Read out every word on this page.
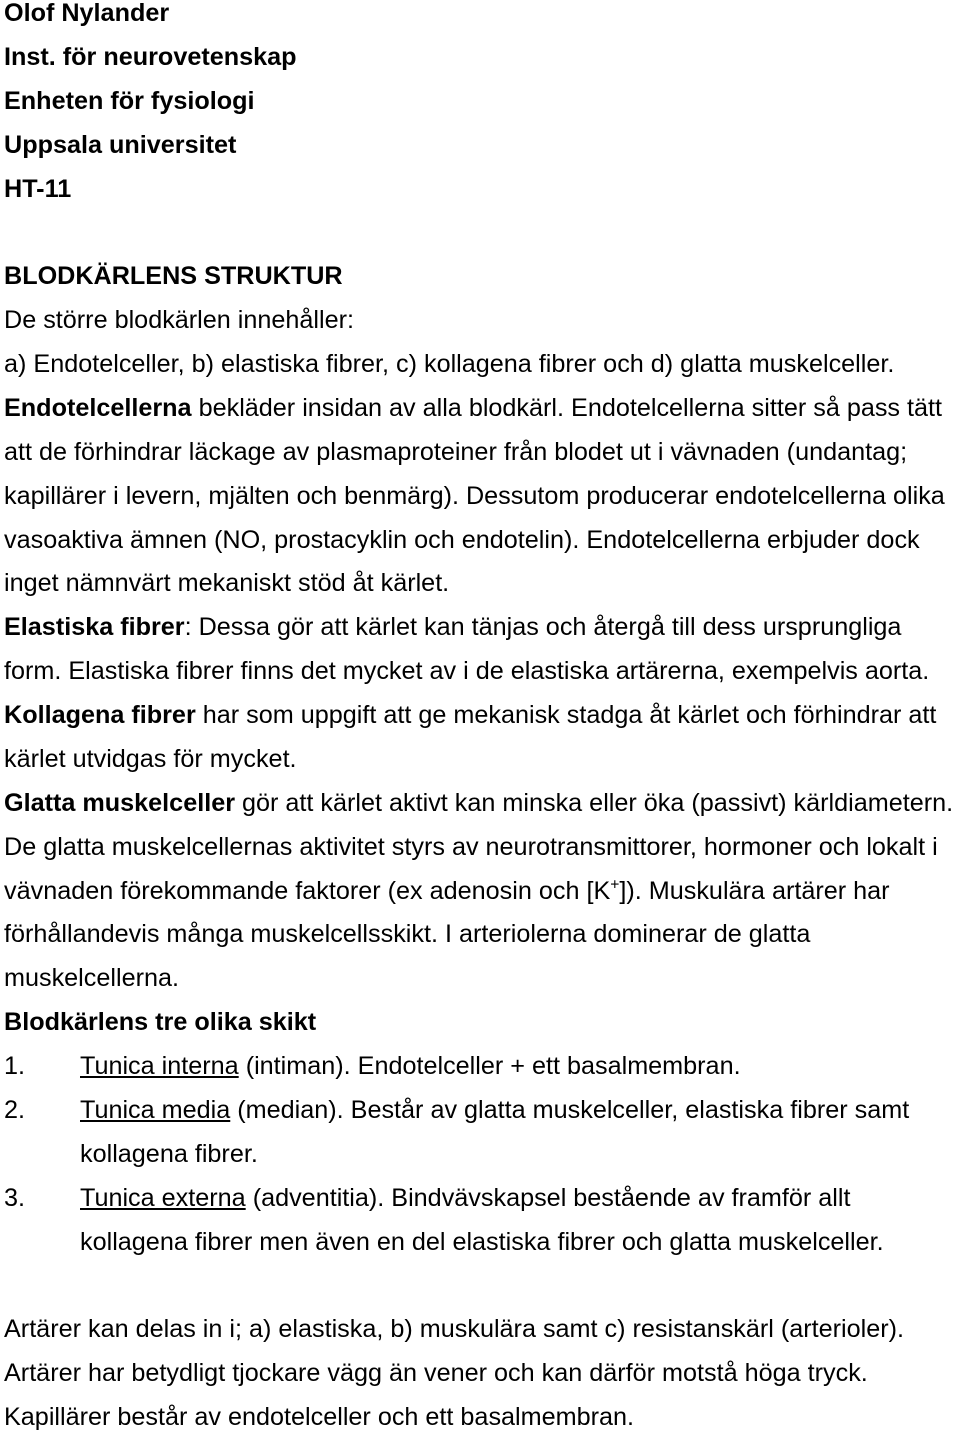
Olof Nylander
Inst. för neurovetenskap
Enheten för fysiologi
Uppsala universitet
HT-11
BLODKÄRLENS STRUKTUR
De större blodkärlen innehåller:
a) Endotelceller, b) elastiska fibrer, c) kollagena fibrer och d) glatta muskelceller.
Endotelcellerna bekläder insidan av alla blodkärl. Endotelcellerna sitter så pass tätt
att de förhindrar läckage av plasmaproteiner från blodet ut i vävnaden (undantag;
kapillärer i levern, mjälten och benmärg). Dessutom producerar endotelcellerna olika
vasoaktiva ämnen (NO, prostacyklin och endotelin). Endotelcellerna erbjuder dock
inget nämnvärt mekaniskt stöd åt kärlet.
Elastiska fibrer: Dessa gör att kärlet kan tänjas och återgå till dess ursprungliga
form. Elastiska fibrer finns det mycket av i de elastiska artärerna, exempelvis aorta.
Kollagena fibrer har som uppgift att ge mekanisk stadga åt kärlet och förhindrar att
kärlet utvidgas för mycket.
Glatta muskelceller gör att kärlet aktivt kan minska eller öka (passivt) kärldiametern.
De glatta muskelcellernas aktivitet styrs av neurotransmittorer, hormoner och lokalt i
vävnaden förekommande faktorer (ex adenosin och [K+]). Muskulära artärer har
förhållandevis många muskelcellsskikt. I arteriolerna dominerar de glatta
muskelcellerna.
Blodkärlens tre olika skikt
1. Tunica interna (intiman). Endotelceller + ett basalmembran.
2. Tunica media (median). Består av glatta muskelceller, elastiska fibrer samt
kollagena fibrer.
3. Tunica externa (adventitia). Bindvävskapsel bestående av framför allt
kollagena fibrer men även en del elastiska fibrer och glatta muskelceller.
Artärer kan delas in i; a) elastiska, b) muskulära samt c) resistanskärl (arterioler).
Artärer har betydligt tjockare vägg än vener och kan därför motstå höga tryck.
Kapillärer består av endotelceller och ett basalmembran.
